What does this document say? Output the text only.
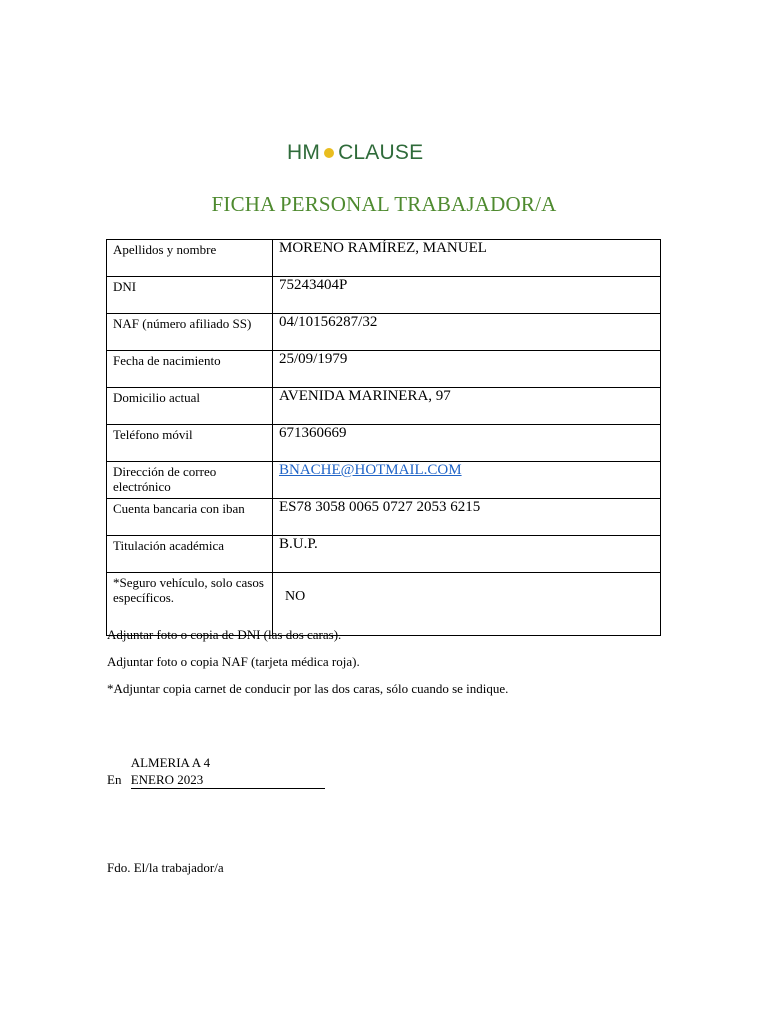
HM CLAUSE
FICHA PERSONAL TRABAJADOR/A
Apellidos y nombre	MORENO RAMÍREZ, MANUEL
DNI	75243404P
NAF (número afiliado SS)	04/10156287/32
Fecha de nacimiento	25/09/1979
Domicilio actual	AVENIDA MARINERA, 97
Teléfono móvil	671360669
Dirección de correo electrónico	BNACHE@HOTMAIL.COM
Cuenta bancaria con iban	ES78 3058 0065 0727 2053 6215
Titulación académica	B.U.P.
*Seguro vehículo, solo casos específicos.	NO
Adjuntar foto o copia de DNI (las dos caras).
Adjuntar foto o copia NAF (tarjeta médica roja).
*Adjuntar copia carnet de conducir por las dos caras, sólo cuando se indique.
En ALMERIA A 4 ENERO 2023
Fdo. El/la trabajador/a
